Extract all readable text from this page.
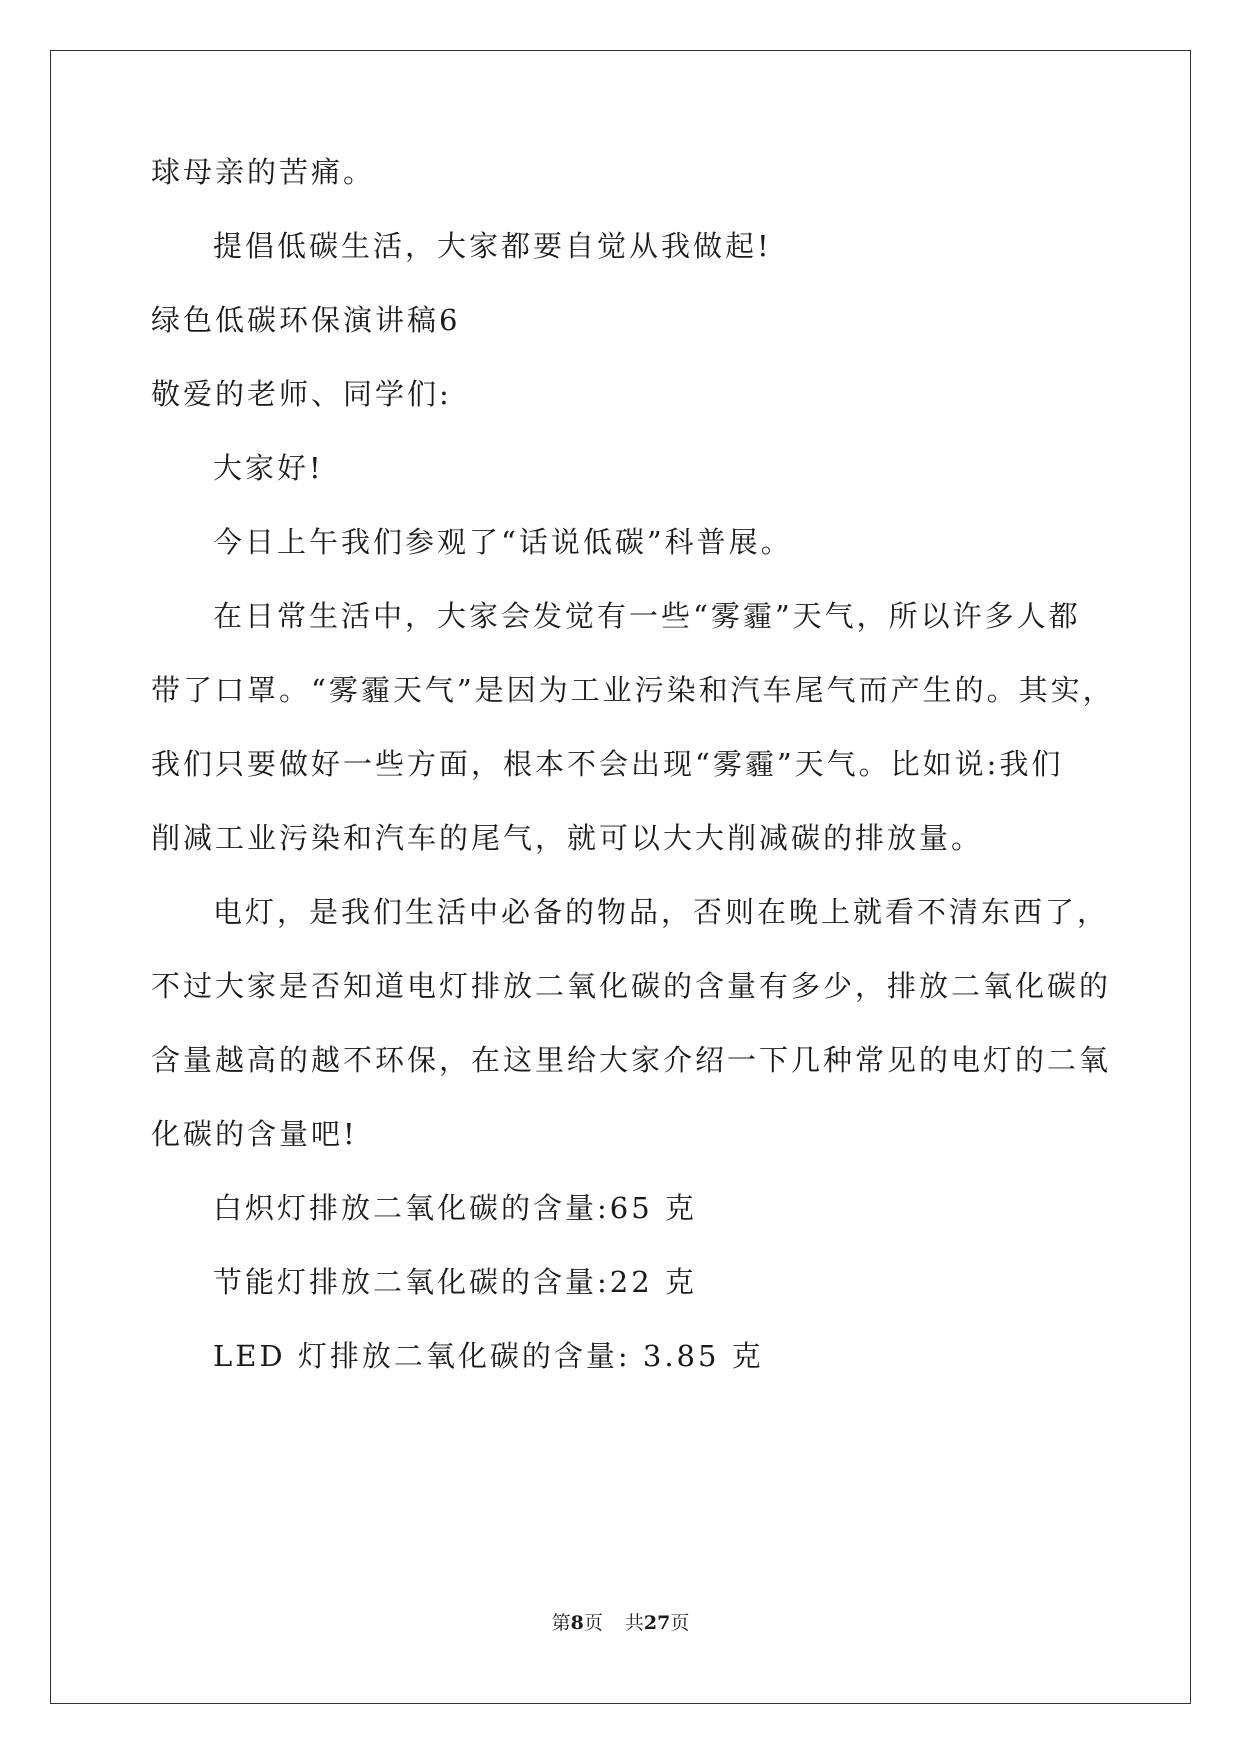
球母亲的苦痛。
提倡低碳生活，大家都要自觉从我做起!
绿色低碳环保演讲稿6
敬爱的老师、同学们:
大家好!
今日上午我们参观了“话说低碳”科普展。
在日常生活中，大家会发觉有一些“雾霾”天气，所以许多人都
带了口罩。“雾霾天气”是因为工业污染和汽车尾气而产生的。其实，
我们只要做好一些方面，根本不会出现“雾霾”天气。比如说:我们
削减工业污染和汽车的尾气，就可以大大削减碳的排放量。
电灯，是我们生活中必备的物品，否则在晚上就看不清东西了，
不过大家是否知道电灯排放二氧化碳的含量有多少，排放二氧化碳的
含量越高的越不环保，在这里给大家介绍一下几种常见的电灯的二氧
化碳的含量吧!
白炽灯排放二氧化碳的含量:65 克
节能灯排放二氧化碳的含量:22 克
LED 灯排放二氧化碳的含量: 3.85 克
第8页 共27页
